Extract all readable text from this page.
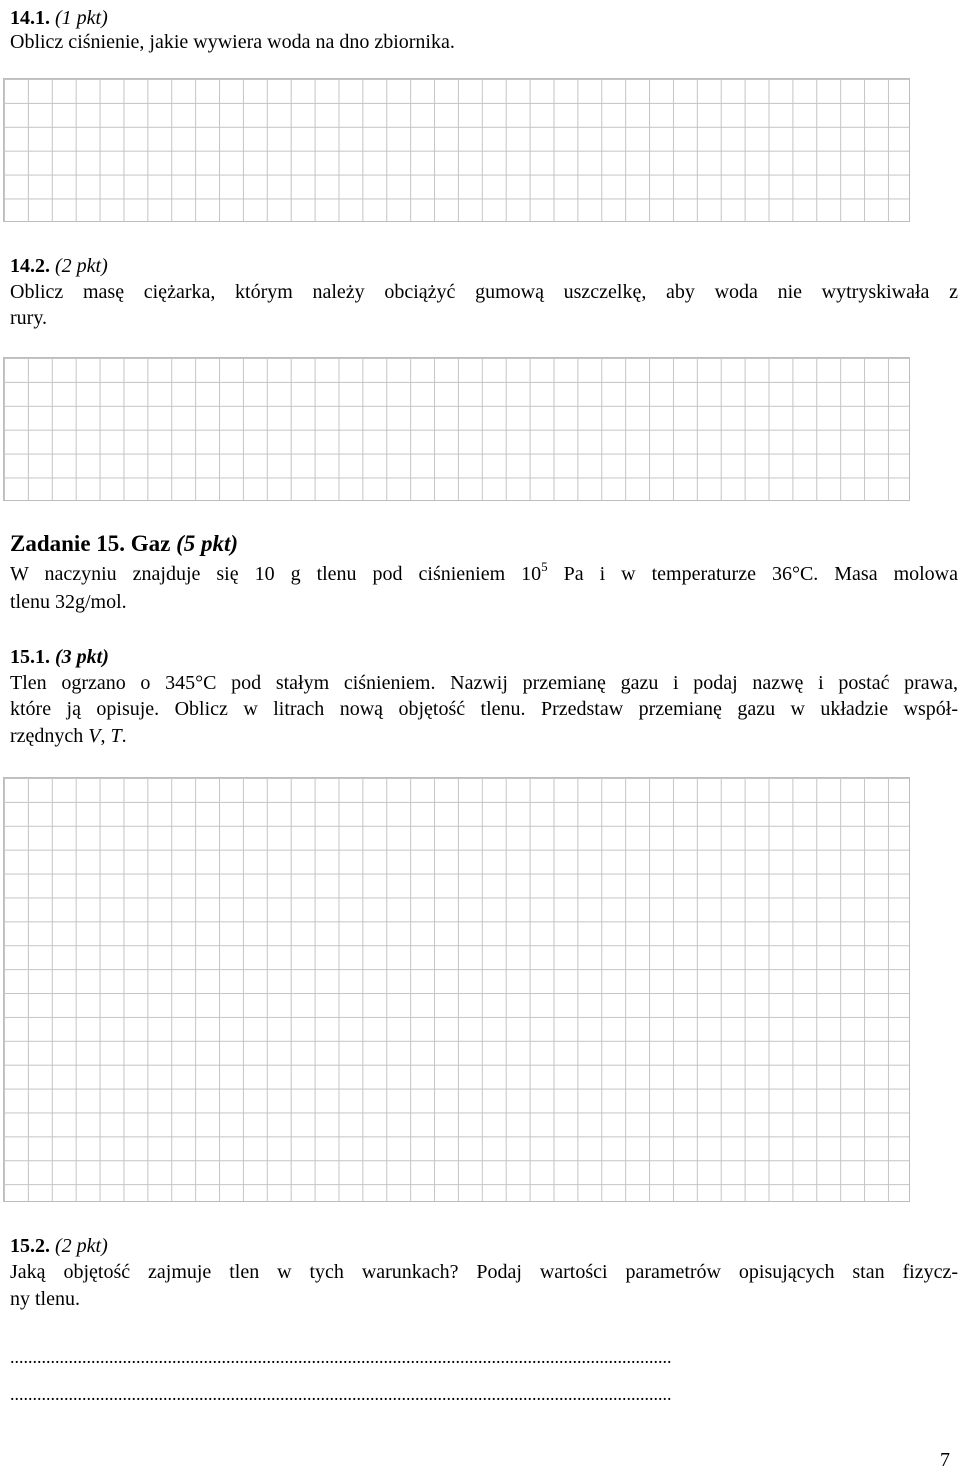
14.1. (1 pkt)
Oblicz ciśnienie, jakie wywiera woda na dno zbiornika.
14.2. (2 pkt)
Oblicz masę ciężarka, którym należy obciążyć gumową uszczelkę, aby woda nie wytryskiwała z
rury.
Zadanie 15. Gaz (5 pkt)
W naczyniu znajduje się 10 g tlenu pod ciśnieniem $10^5$ Pa i w temperaturze 36°C. Masa molowa
tlenu 32g/mol.
15.1. (3 pkt)
Tlen ogrzano o 345°C pod stałym ciśnieniem. Nazwij przemianę gazu i podaj nazwę i postać prawa,
które ją opisuje. Oblicz w litrach nową objętość tlenu. Przedstaw przemianę gazu w układzie współ-
rzędnych V, T.
15.2. (2 pkt)
Jaką objętość zajmuje tlen w tych warunkach? Podaj wartości parametrów opisujących stan fizycz-
ny tlenu.
...................................................................................................................................................
...................................................................................................................................................
7
